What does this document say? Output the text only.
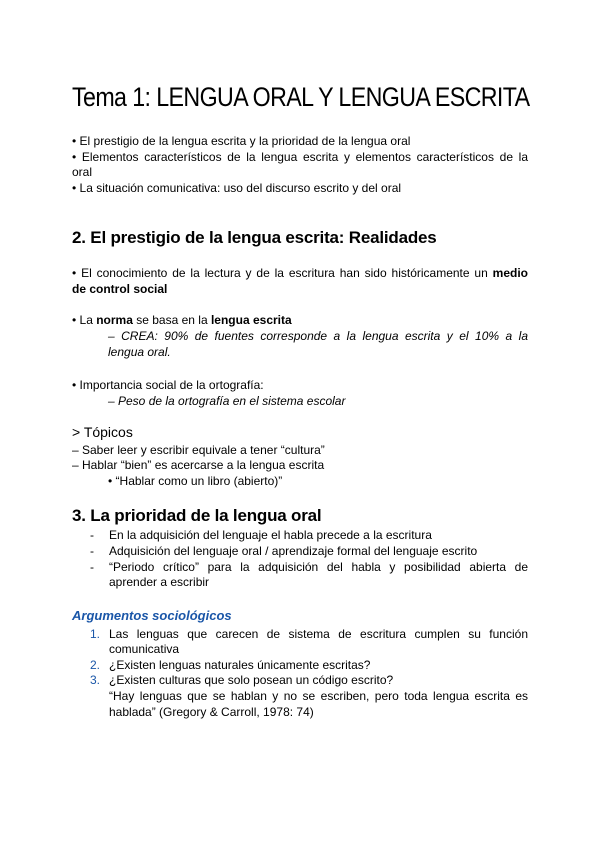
Tema 1: LENGUA ORAL Y LENGUA ESCRITA
• El prestigio de la lengua escrita y la prioridad de la lengua oral
• Elementos característicos de la lengua escrita y elementos característicos de la
oral
• La situación comunicativa: uso del discurso escrito y del oral
2. El prestigio de la lengua escrita: Realidades
• El conocimiento de la lectura y de la escritura han sido históricamente un medio
de control social
• La norma se basa en la lengua escrita
– CREA: 90% de fuentes corresponde a la lengua escrita y el 10% a la
lengua oral.
• Importancia social de la ortografía:
– Peso de la ortografía en el sistema escolar
> Tópicos
– Saber leer y escribir equivale a tener “cultura”
– Hablar “bien” es acercarse a la lengua escrita
• “Hablar como un libro (abierto)”
3. La prioridad de la lengua oral
- En la adquisición del lenguaje el habla precede a la escritura
- Adquisición del lenguaje oral / aprendizaje formal del lenguaje escrito
- “Periodo crítico” para la adquisición del habla y posibilidad abierta de
aprender a escribir
Argumentos sociológicos
1. Las lenguas que carecen de sistema de escritura cumplen su función
comunicativa
2. ¿Existen lenguas naturales únicamente escritas?
3. ¿Existen culturas que solo posean un código escrito?
“Hay lenguas que se hablan y no se escriben, pero toda lengua escrita es
hablada” (Gregory & Carroll, 1978: 74)
